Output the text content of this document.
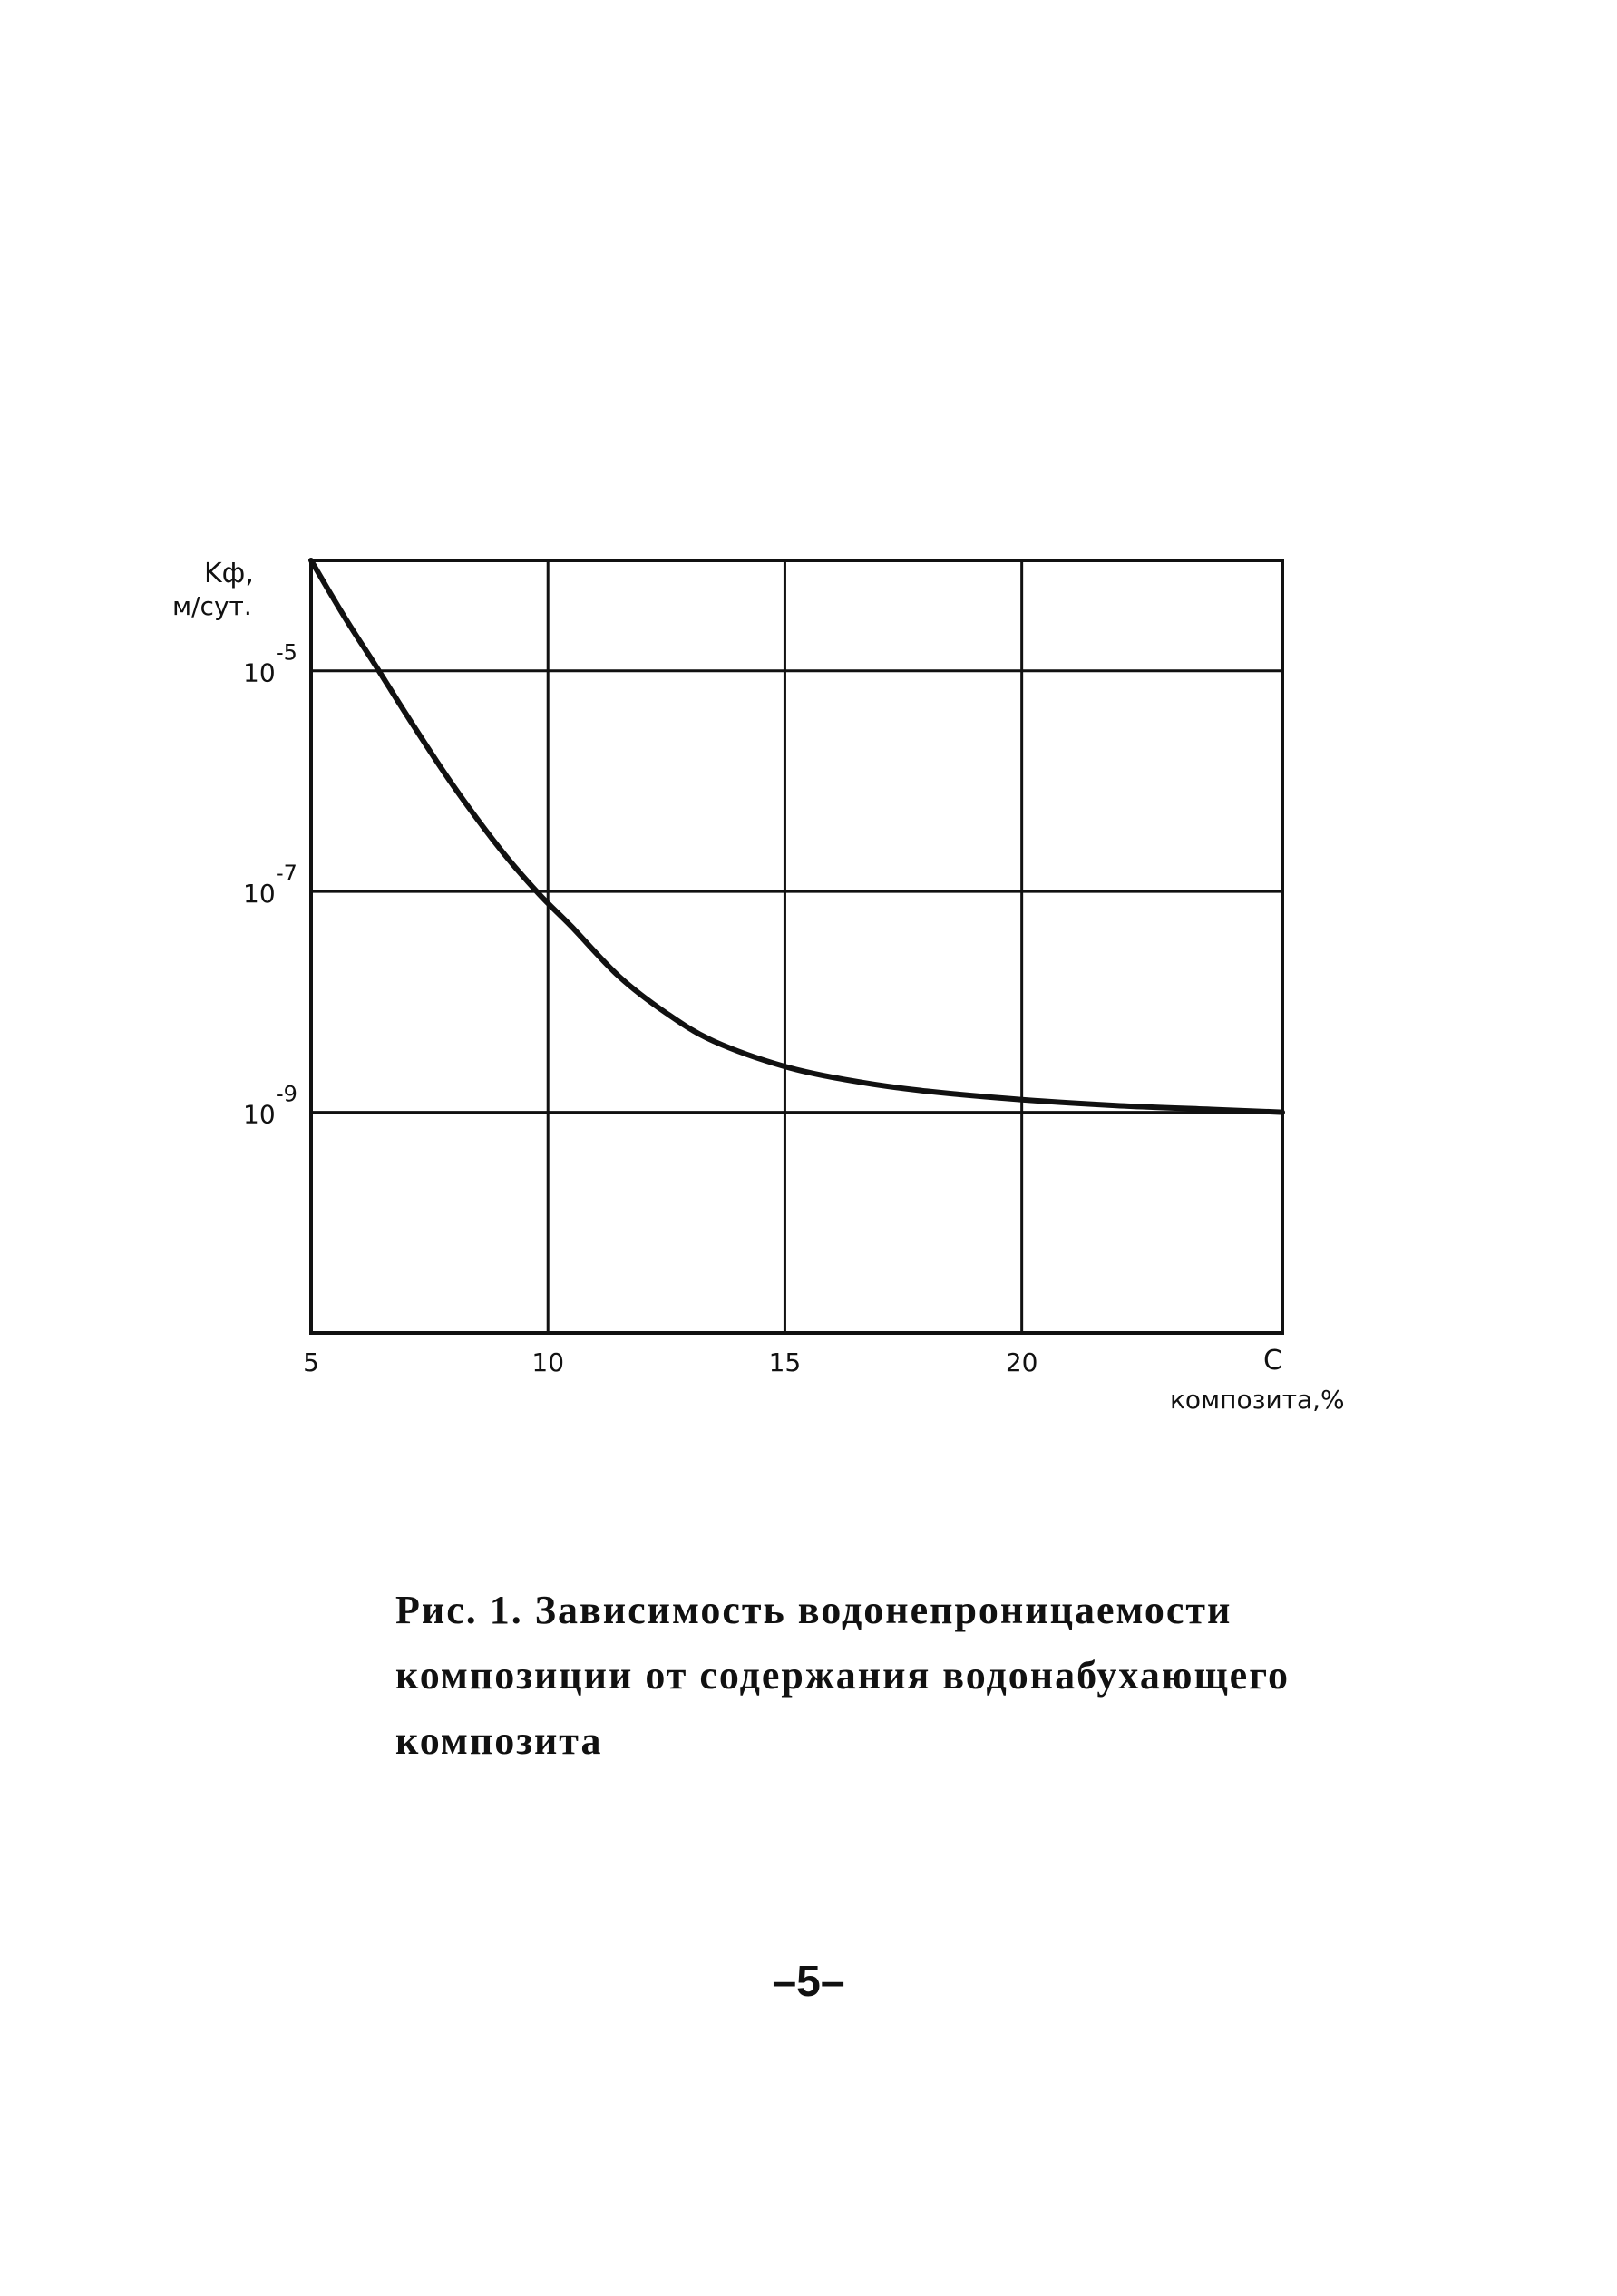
10
-5
10
-7
10
-9
5	10	15	20
Kф,
м/сут.
C
композита,%
Рис. 1. Зависимость водонепроницаемости
композиции от содержания водонабухающего
композита
–5–
